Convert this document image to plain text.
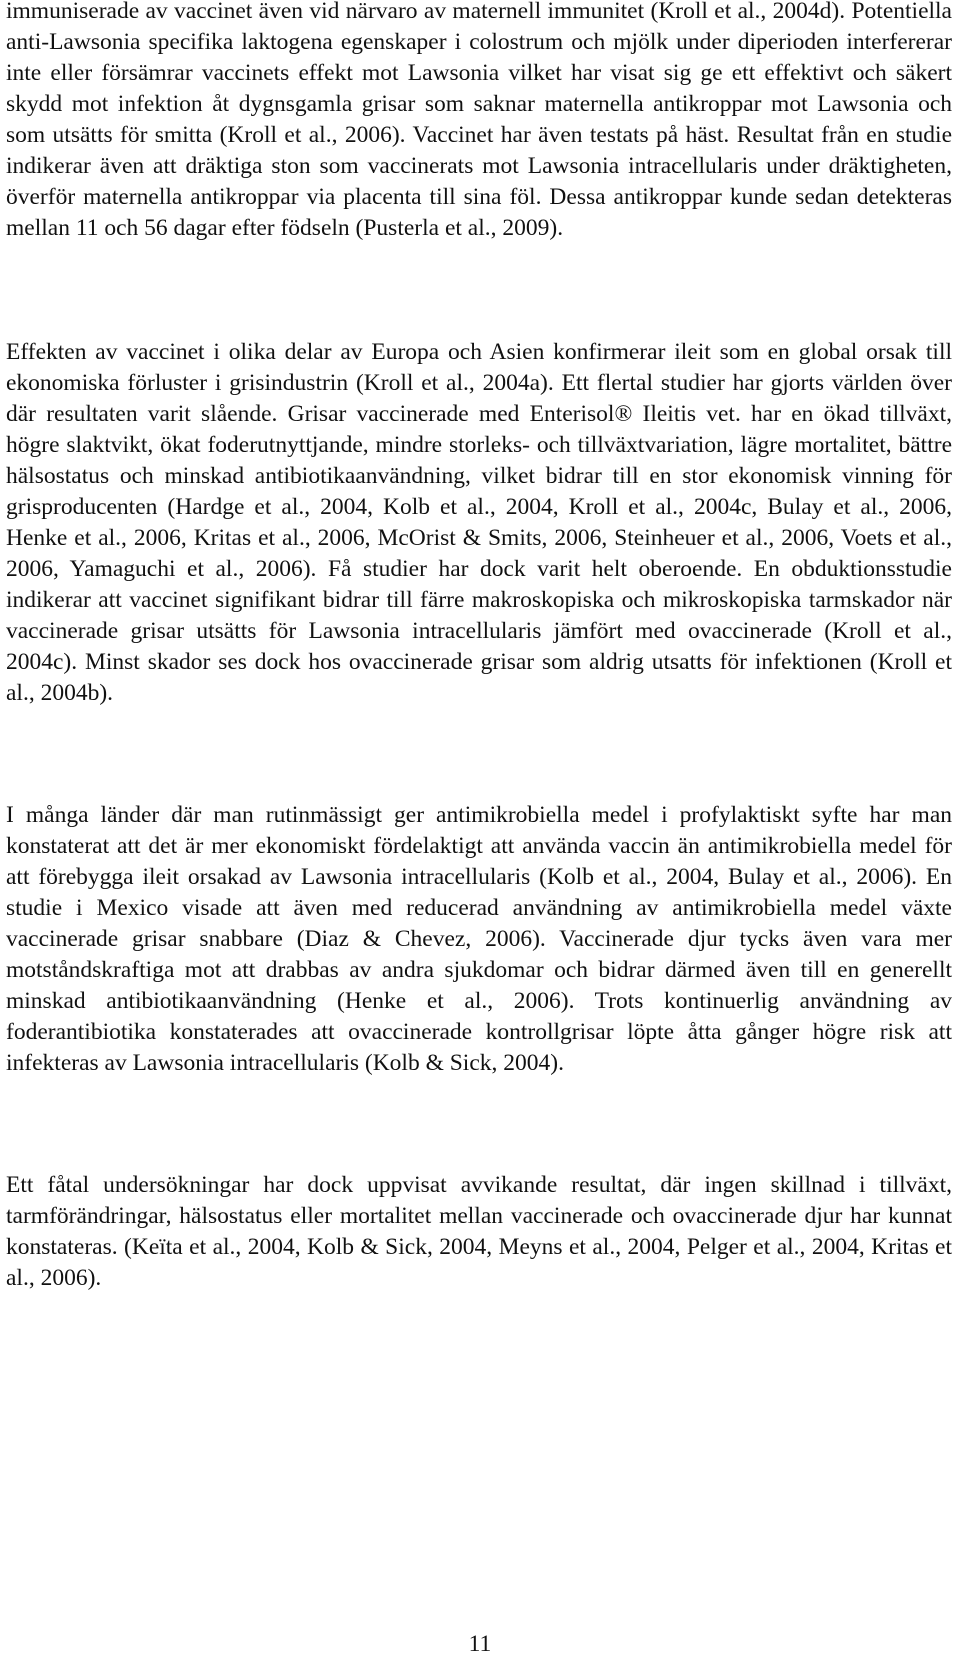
immuniserade av vaccinet även vid närvaro av maternell immunitet (Kroll et al., 2004d). Potentiella anti-Lawsonia specifika laktogena egenskaper i colostrum och mjölk under diperioden interfererar inte eller försämrar vaccinets effekt mot Lawsonia vilket har visat sig ge ett effektivt och säkert skydd mot infektion åt dygnsgamla grisar som saknar maternella antikroppar mot Lawsonia och som utsätts för smitta (Kroll et al., 2006). Vaccinet har även testats på häst. Resultat från en studie indikerar även att dräktiga ston som vaccinerats mot Lawsonia intracellularis under dräktigheten, överför maternella antikroppar via placenta till sina föl. Dessa antikroppar kunde sedan detekteras mellan 11 och 56 dagar efter födseln (Pusterla et al., 2009).

Effekten av vaccinet i olika delar av Europa och Asien konfirmerar ileit som en global orsak till ekonomiska förluster i grisindustrin (Kroll et al., 2004a). Ett flertal studier har gjorts världen över där resultaten varit slående. Grisar vaccinerade med Enterisol® Ileitis vet. har en ökad tillväxt, högre slaktvikt, ökat foderutnyttjande, mindre storleks- och tillväxtvariation, lägre mortalitet, bättre hälsostatus och minskad antibiotikaanvändning, vilket bidrar till en stor ekonomisk vinning för grisproducenten (Hardge et al., 2004, Kolb et al., 2004, Kroll et al., 2004c, Bulay et al., 2006, Henke et al., 2006, Kritas et al., 2006, McOrist & Smits, 2006, Steinheuer et al., 2006, Voets et al., 2006, Yamaguchi et al., 2006). Få studier har dock varit helt oberoende. En obduktionsstudie indikerar att vaccinet signifikant bidrar till färre makroskopiska och mikroskopiska tarmskador när vaccinerade grisar utsätts för Lawsonia intracellularis jämfört med ovaccinerade (Kroll et al., 2004c). Minst skador ses dock hos ovaccinerade grisar som aldrig utsatts för infektionen (Kroll et al., 2004b).

I många länder där man rutinmässigt ger antimikrobiella medel i profylaktiskt syfte har man konstaterat att det är mer ekonomiskt fördelaktigt att använda vaccin än antimikrobiella medel för att förebygga ileit orsakad av Lawsonia intracellularis (Kolb et al., 2004, Bulay et al., 2006). En studie i Mexico visade att även med reducerad användning av antimikrobiella medel växte vaccinerade grisar snabbare (Diaz & Chevez, 2006). Vaccinerade djur tycks även vara mer motståndskraftiga mot att drabbas av andra sjukdomar och bidrar därmed även till en generellt minskad antibiotikaanvändning (Henke et al., 2006). Trots kontinuerlig användning av foderantibiotika konstaterades att ovaccinerade kontrollgrisar löpte åtta gånger högre risk att infekteras av Lawsonia intracellularis (Kolb & Sick, 2004).

Ett fåtal undersökningar har dock uppvisat avvikande resultat, där ingen skillnad i tillväxt, tarmförändringar, hälsostatus eller mortalitet mellan vaccinerade och ovaccinerade djur har kunnat konstateras. (Keïta et al., 2004, Kolb & Sick, 2004, Meyns et al., 2004, Pelger et al., 2004, Kritas et al., 2006).

11
